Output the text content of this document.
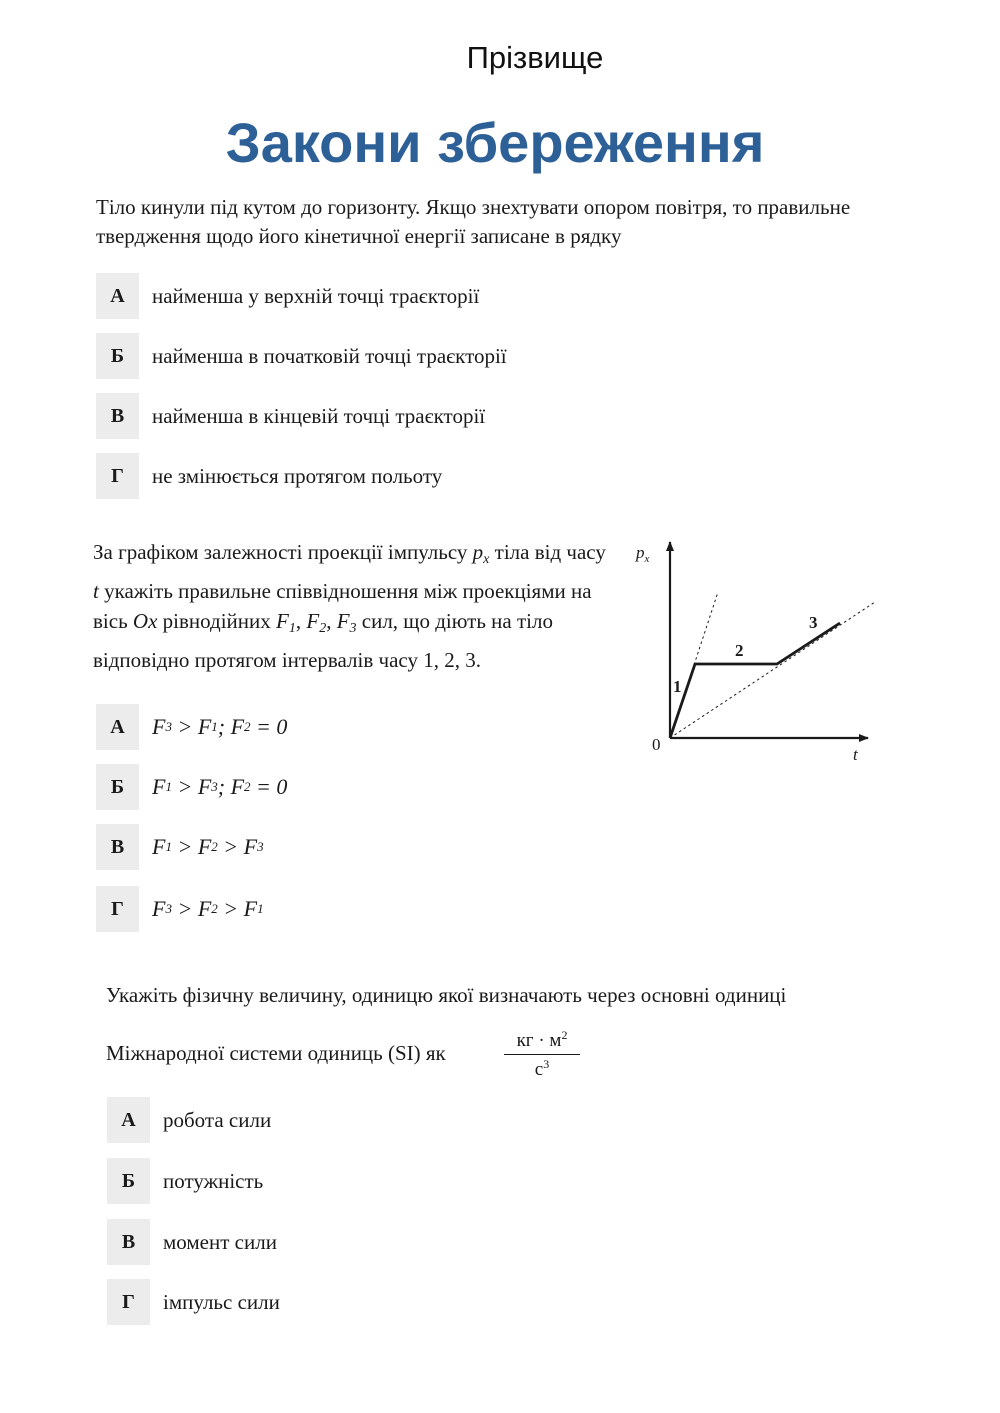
Прізвище
Закони збереження
Тіло кинули під кутом до горизонту. Якщо знехтувати опором повітря, то правильне твердження щодо його кінетичної енергії записане в рядку
А	найменша у верхній точці траєкторії
Б	найменша в початковій точці траєкторії
В	найменша в кінцевій точці траєкторії
Г	не змінюється протягом польоту
За графіком залежності проекції імпульсу $p_x$ тіла від часу t укажіть правильне співвідношення між проекціями на вісь Ox рівнодійних $F_1$, $F_2$, $F_3$ сил, що діють на тіло відповідно протягом інтервалів часу 1, 2, 3.
$p_x$
t
0
1
2
3
А	F 3 > F 1 ; F 2 = 0
Б	F 1 > F 3 ; F 2 = 0
В	F 1 > F 2 > F 3
Г	F 3 > F 2 > F 1
Укажіть фізичну величину, одиницю якої визначають через основні одиниці
Міжнародної системи одиниць (SI) як
кг · $м^2$
$с^3$
А	робота сили
Б	потужність
В	момент сили
Г	імпульс сили
